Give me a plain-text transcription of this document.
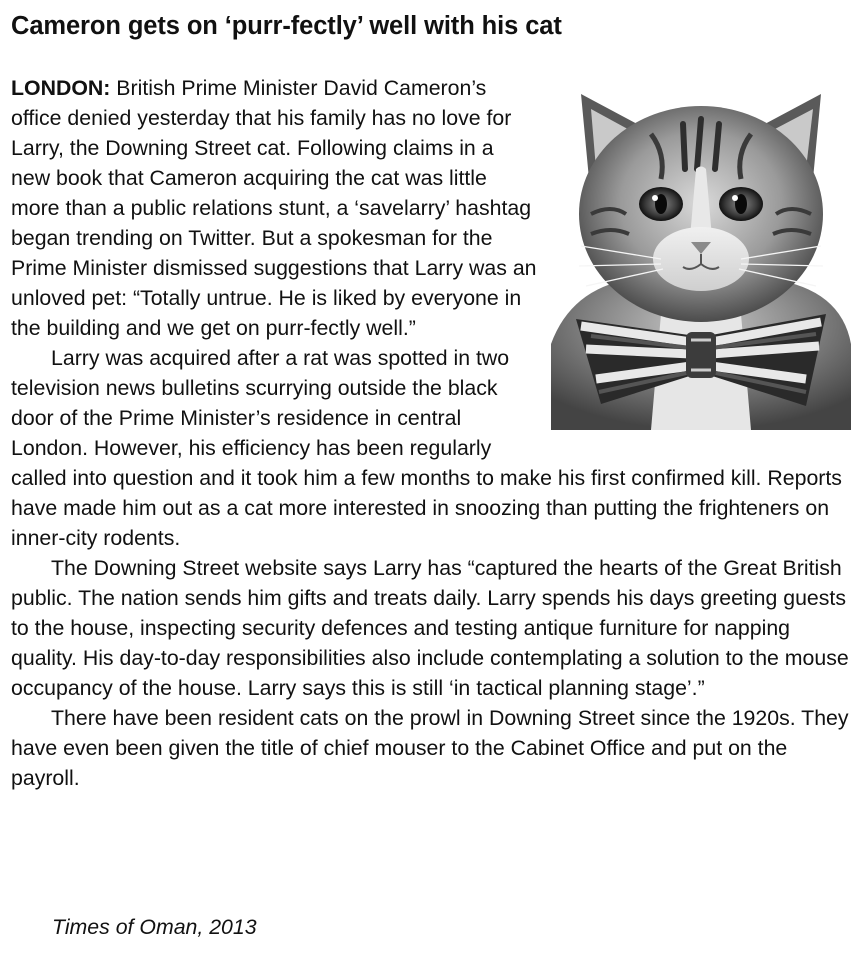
Cameron gets on ‘purr-fectly’ well with his cat

LONDON: British Prime Minister David Cameron’s office denied yesterday that his family has no love for Larry, the Downing Street cat. Following claims in a new book that Cameron acquiring the cat was little more than a public relations stunt, a ‘savelarry’ hashtag began trending on Twitter. But a spokesman for the Prime Minister dismissed suggestions that Larry was an unloved pet: “Totally untrue. He is liked by everyone in the building and we get on purr-fectly well.”

Larry was acquired after a rat was spotted in two television news bulletins scurrying outside the black door of the Prime Minister’s residence in central London. However, his efficiency has been regularly called into question and it took him a few months to make his first confirmed kill. Reports have made him out as a cat more interested in snoozing than putting the frighteners on inner-city rodents.

The Downing Street website says Larry has “captured the hearts of the Great British public. The nation sends him gifts and treats daily. Larry spends his days greeting guests to the house, inspecting security defences and testing antique furniture for napping quality. His day-to-day responsibilities also include contemplating a solution to the mouse occupancy of the house. Larry says this is still ‘in tactical planning stage’.”

There have been resident cats on the prowl in Downing Street since the 1920s. They have even been given the title of chief mouser to the Cabinet Office and put on the payroll.

Times of Oman, 2013
